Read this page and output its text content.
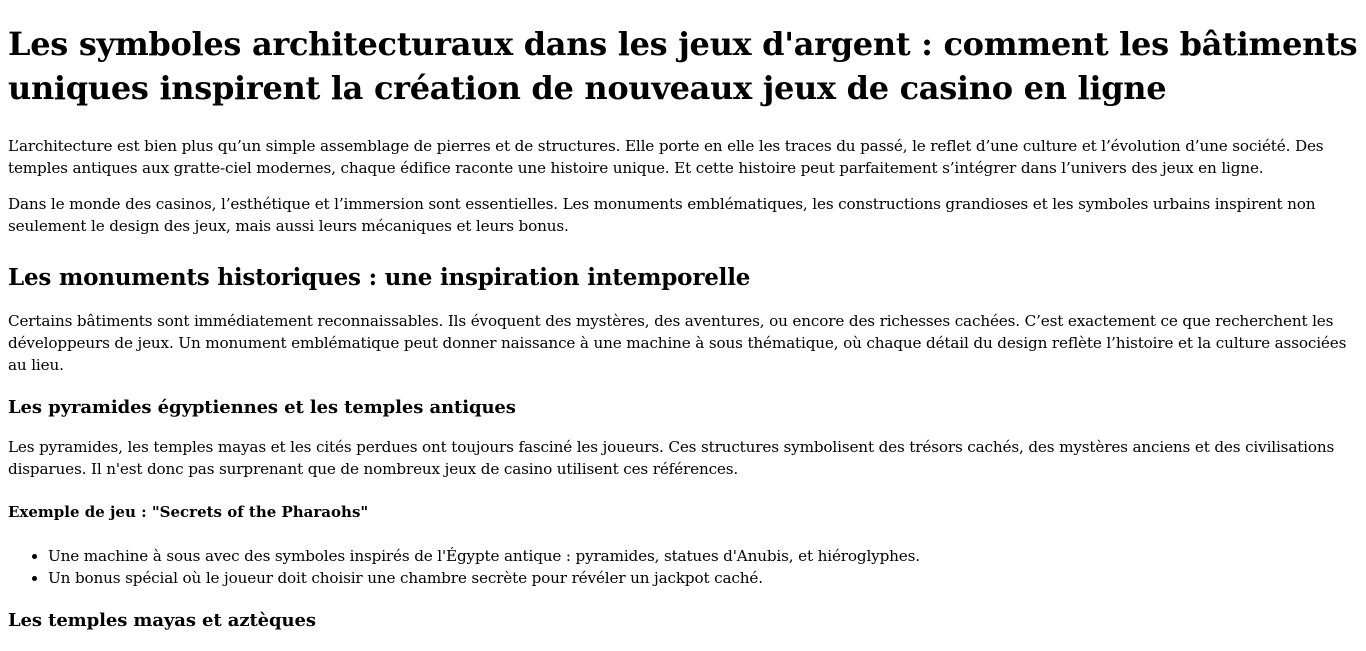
Les symboles architecturaux dans les jeux d'argent : comment les bâtiments uniques inspirent la création de nouveaux jeux de casino en ligne

L’architecture est bien plus qu’un simple assemblage de pierres et de structures. Elle porte en elle les traces du passé, le reflet d’une culture et l’évolution d’une société. Des temples antiques aux gratte-ciel modernes, chaque édifice raconte une histoire unique. Et cette histoire peut parfaitement s’intégrer dans l’univers des jeux en ligne.

Dans le monde des casinos, l’esthétique et l’immersion sont essentielles. Les monuments emblématiques, les constructions grandioses et les symboles urbains inspirent non seulement le design des jeux, mais aussi leurs mécaniques et leurs bonus.

Les monuments historiques : une inspiration intemporelle

Certains bâtiments sont immédiatement reconnaissables. Ils évoquent des mystères, des aventures, ou encore des richesses cachées. C’est exactement ce que recherchent les développeurs de jeux. Un monument emblématique peut donner naissance à une machine à sous thématique, où chaque détail du design reflète l’histoire et la culture associées au lieu.

Les pyramides égyptiennes et les temples antiques

Les pyramides, les temples mayas et les cités perdues ont toujours fasciné les joueurs. Ces structures symbolisent des trésors cachés, des mystères anciens et des civilisations disparues. Il n'est donc pas surprenant que de nombreux jeux de casino utilisent ces références.

Exemple de jeu : "Secrets of the Pharaohs"
• Une machine à sous avec des symboles inspirés de l'Égypte antique : pyramides, statues d'Anubis, et hiéroglyphes.
• Un bonus spécial où le joueur doit choisir une chambre secrète pour révéler un jackpot caché.
Les temples mayas et aztèques
